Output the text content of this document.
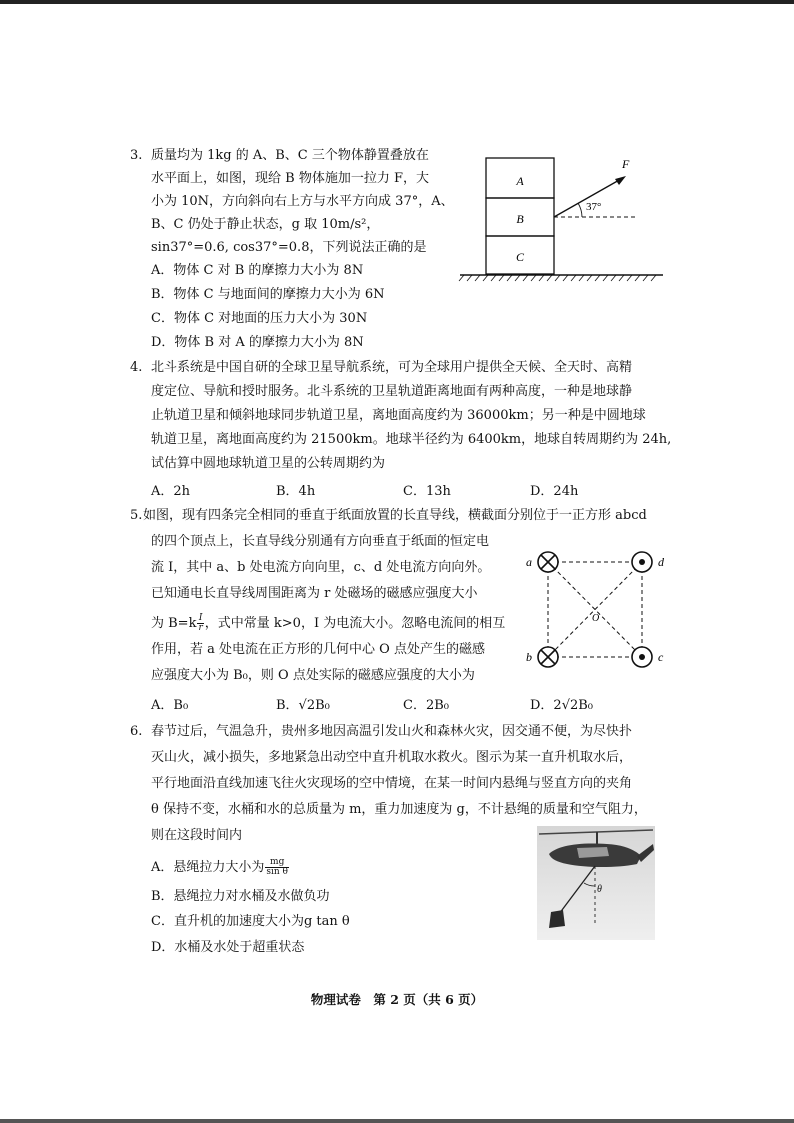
3. 质量均为 1kg 的 A、B、C 三个物体静置叠放在
水平面上，如图，现给 B 物体施加一拉力 F，大
小为 10N，方向斜向右上方与水平方向成 37°，A、
B、C 仍处于静止状态，g 取 10m/s²，
sin37°=0.6, cos37°=0.8，下列说法正确的是
A．物体 C 对 B 的摩擦力大小为 8N
B．物体 C 与地面间的摩擦力大小为 6N
C．物体 C 对地面的压力大小为 30N
D．物体 B 对 A 的摩擦力大小为 8N
A
B
C
F
37°
4. 北斗系统是中国自研的全球卫星导航系统，可为全球用户提供全天候、全天时、高精
度定位、导航和授时服务。北斗系统的卫星轨道距离地面有两种高度，一种是地球静
止轨道卫星和倾斜地球同步轨道卫星，离地面高度约为 36000km；另一种是中圆地球
轨道卫星，离地面高度约为 21500km。地球半径约为 6400km，地球自转周期约为 24h,
试估算中圆地球轨道卫星的公转周期约为
A．2h	B．4h	C．13h	D．24h
5. 如图，现有四条完全相同的垂直于纸面放置的长直导线，横截面分别位于一正方形 abcd
的四个顶点上，长直导线分别通有方向垂直于纸面的恒定电
流 I，其中 a、b 处电流方向向里，c、d 处电流方向向外。
已知通电长直导线周围距离为 r 处磁场的磁感应强度大小
为 $B=k \frac{I}{r}$ ，式中常量 k>0，I 为电流大小。忽略电流间的相互
作用，若 a 处电流在正方形的几何中心 O 点处产生的磁感
应强度大小为 B₀，则 O 点处实际的磁感应强度的大小为
A．B₀	B．√2B₀	C．2B₀	D．2√2B₀
a
b	c
d
O
6. 春节过后，气温急升，贵州多地因高温引发山火和森林火灾，因交通不便，为尽快扑
灭山火，减小损失，多地紧急出动空中直升机取水救火。图示为某一直升机取水后，
平行地面沿直线加速飞往火灾现场的空中情境，在某一时间内悬绳与竖直方向的夹角
θ 保持不变，水桶和水的总质量为 m，重力加速度为 g，不计悬绳的质量和空气阻力，
则在这段时间内
A．悬绳拉力大小为 $\frac{mg}{\text{sin θ}}$
B．悬绳拉力对水桶及水做负功
C．直升机的加速度大小为g tan θ
D．水桶及水处于超重状态
θ
物理试卷　第 2 页（共 6 页）
